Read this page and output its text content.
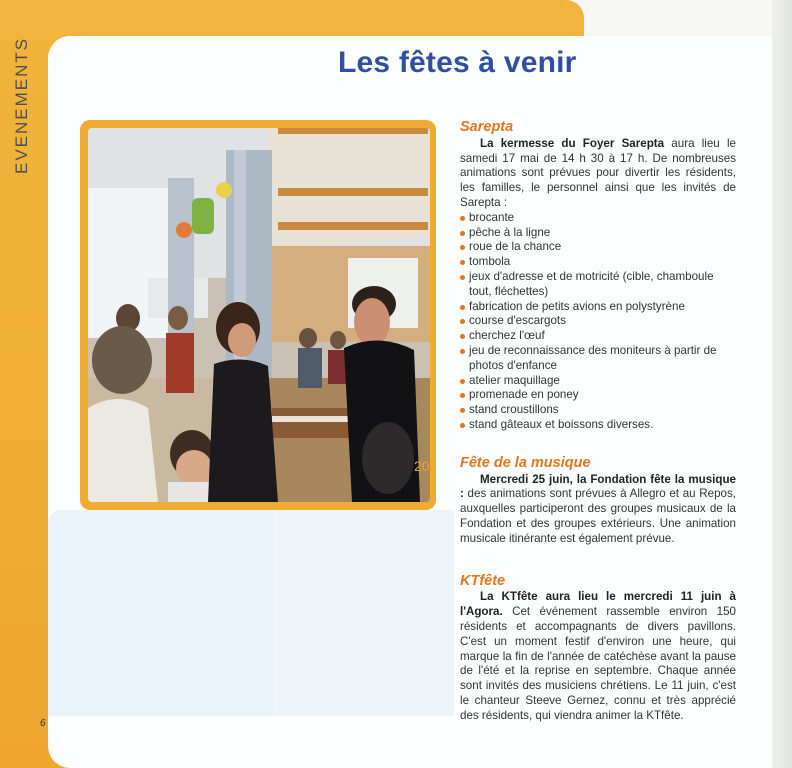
EVENEMENTS	Les fêtes à venir
20
Sarepta

La kermesse du Foyer Sarepta aura lieu le samedi 17 mai de 14 h 30 à 17 h. De nombreuses animations sont prévues pour divertir les résidents, les familles, le personnel ainsi que les invités de Sarepta :

brocante
pêche à la ligne
roue de la chance
tombola
jeux d'adresse et de motricité (cible, chamboule tout, fléchettes)
fabrication de petits avions en polystyrène
course d'escargots
cherchez l'œuf
jeu de reconnaissance des moniteurs à partir de photos d'enfance
atelier maquillage
promenade en poney
stand croustillons
stand gâteaux et boissons diverses.
Fête de la musique

Mercredi 25 juin, la Fondation fête la musique : des animations sont prévues à Allegro et au Repos, auxquelles participeront des groupes musicaux de la Fondation et des groupes extérieurs. Une animation musicale itinérante est également prévue.

KTfête

La KTfête aura lieu le mercredi 11 juin à l'Agora. Cet événement rassemble environ 150 résidents et accompagnants de divers pavillons. C'est un moment festif d'environ une heure, qui marque la fin de l'année de catéchèse avant la pause de l'été et la reprise en septembre. Chaque année sont invités des musiciens chrétiens. Le 11 juin, c'est le chanteur Steeve Gernez, connu et très apprécié des résidents, qui viendra animer la KTfête.

6
